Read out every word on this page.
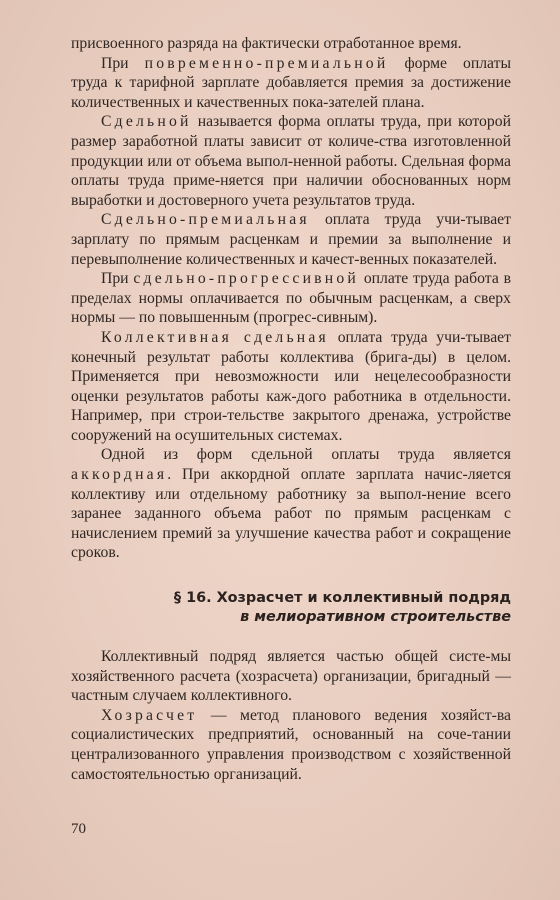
присвоенного разряда на фактически отработанное время.

При повременно-премиальной форме оплаты труда к тарифной зарплате добавляется премия за достижение количественных и качественных пока-зателей плана.

Сдельной называется форма оплаты труда, при которой размер заработной платы зависит от количе-ства изготовленной продукции или от объема выпол-ненной работы. Сдельная форма оплаты труда приме-няется при наличии обоснованных норм выработки и достоверного учета результатов труда.

Сдельно-премиальная оплата труда учи-тывает зарплату по прямым расценкам и премии за выполнение и перевыполнение количественных и качест-венных показателей.

При сдельно-прогрессивной оплате труда работа в пределах нормы оплачивается по обычным расценкам, а сверх нормы — по повышенным (прогрес-сивным).

Коллективная сдельная оплата труда учи-тывает конечный результат работы коллектива (брига-ды) в целом. Применяется при невозможности или нецелесообразности оценки результатов работы каж-дого работника в отдельности. Например, при строи-тельстве закрытого дренажа, устройстве сооружений на осушительных системах.

Одной из форм сдельной оплаты труда является аккордная. При аккордной оплате зарплата начис-ляется коллективу или отдельному работнику за выпол-нение всего заранее заданного объема работ по прямым расценкам с начислением премий за улучшение качества работ и сокращение сроков.

§ 16. Хозрасчет и коллективный подряд
в мелиоративном строительстве

Коллективный подряд является частью общей систе-мы хозяйственного расчета (хозрасчета) организации, бригадный — частным случаем коллективного.

Хозрасчет — метод планового ведения хозяйст-ва социалистических предприятий, основанный на соче-тании централизованного управления производством с хозяйственной самостоятельностью организаций.

70
